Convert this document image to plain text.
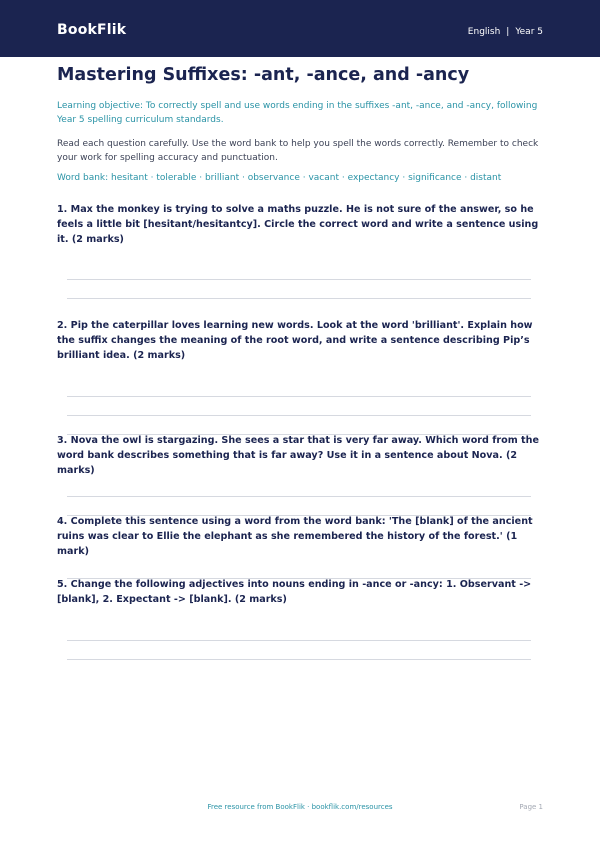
BookFlik	English | Year 5
Mastering Suffixes: -ant, -ance, and -ancy

Learning objective: To correctly spell and use words ending in the suffixes -ant, -ance, and -ancy, following Year 5 spelling curriculum standards.

Read each question carefully. Use the word bank to help you spell the words correctly. Remember to check your work for spelling accuracy and punctuation.

Word bank: hesitant · tolerable · brilliant · observance · vacant · expectancy · significance · distant

1. Max the monkey is trying to solve a maths puzzle. He is not sure of the answer, so he feels a little bit [hesitant/hesitantcy]. Circle the correct word and write a sentence using it. (2 marks)

2. Pip the caterpillar loves learning new words. Look at the word 'brilliant'. Explain how the suffix changes the meaning of the root word, and write a sentence describing Pip’s brilliant idea. (2 marks)

3. Nova the owl is stargazing. She sees a star that is very far away. Which word from the word bank describes something that is far away? Use it in a sentence about Nova. (2 marks)

4. Complete this sentence using a word from the word bank: 'The [blank] of the ancient ruins was clear to Ellie the elephant as she remembered the history of the forest.' (1 mark)

5. Change the following adjectives into nouns ending in -ance or -ancy: 1. Observant -> [blank], 2. Expectant -> [blank]. (2 marks)

Free resource from BookFlik · bookflik.com/resources	Page 1
